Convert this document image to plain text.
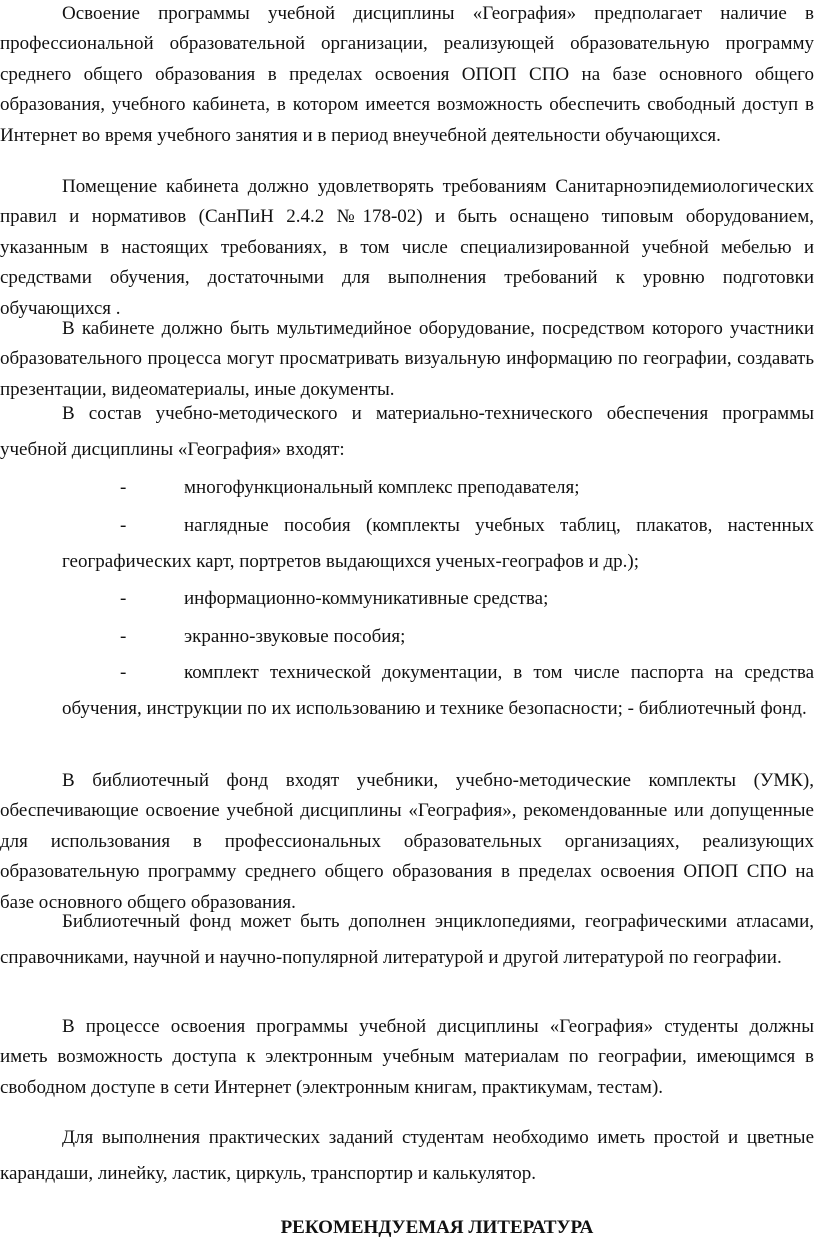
Освоение программы учебной дисциплины «География» предполагает наличие в профессиональной образовательной организации, реализующей образовательную программу среднего общего образования в пределах освоения ОПОП СПО на базе основного общего образования, учебного кабинета, в котором имеется возможность обеспечить свободный доступ в Интернет во время учебного занятия и в период внеучебной деятельности обучающихся.

Помещение кабинета должно удовлетворять требованиям Санитарноэпидемиологических правил и нормативов (СанПиН 2.4.2 №178-02) и быть оснащено типовым оборудованием, указанным в настоящих требованиях, в том числе специализированной учебной мебелью и средствами обучения, достаточными для выполнения требований к уровню подготовки обучающихся .

В кабинете должно быть мультимедийное оборудование, посредством которого участники образовательного процесса могут просматривать визуальную информацию по географии, создавать презентации, видеоматериалы, иные документы.

В состав учебно-методического и материально-технического обеспечения программы учебной дисциплины «География» входят:

-	многофункциональный комплекс преподавателя;
-	наглядные пособия (комплекты учебных таблиц, плакатов, настенных географических карт, портретов выдающихся ученых-географов и др.);
-	информационно-коммуникативные средства;
-	экранно-звуковые пособия;
-	комплект технической документации, в том числе паспорта на средства обучения, инструкции по их использованию и технике безопасности; - библиотечный фонд.

В библиотечный фонд входят учебники, учебно-методические комплекты (УМК), обеспечивающие освоение учебной дисциплины «География», рекомендованные или допущенные для использования в профессиональных образовательных организациях, реализующих образовательную программу среднего общего образования в пределах освоения ОПОП СПО на базе основного общего образования.

Библиотечный фонд может быть дополнен энциклопедиями, географическими атласами, справочниками, научной и научно-популярной литературой и другой литературой по географии.

В процессе освоения программы учебной дисциплины «География» студенты должны иметь возможность доступа к электронным учебным материалам по географии, имеющимся в свободном доступе в сети Интернет (электронным книгам, практикумам, тестам).

Для выполнения практических заданий студентам необходимо иметь простой и цветные карандаши, линейку, ластик, циркуль, транспортир и калькулятор.

РЕКОМЕНДУЕМАЯ ЛИТЕРАТУРА
